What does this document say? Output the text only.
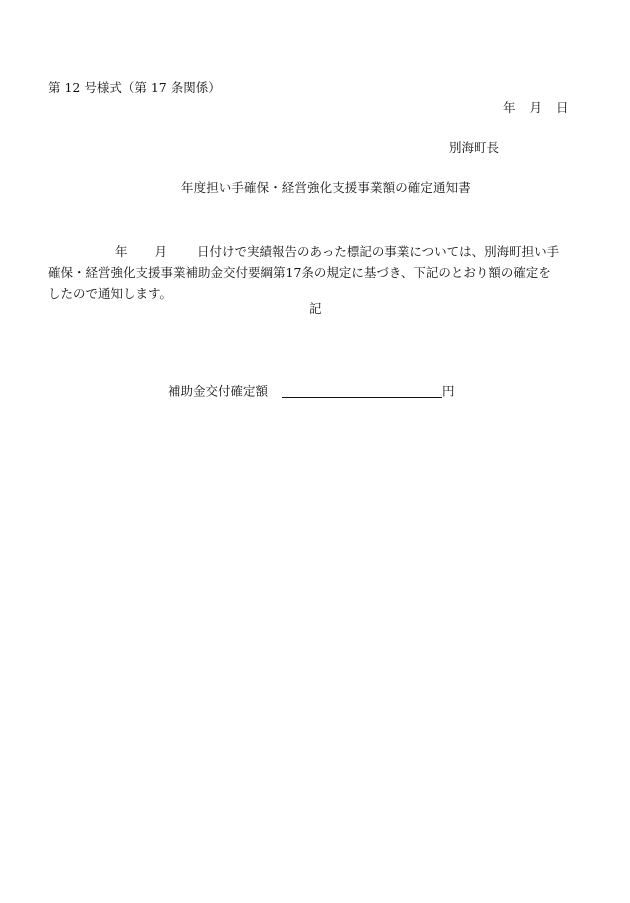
第 12 号様式（第 17 条関係）
年 月 日
別海町長
年度担い手確保・経営強化支援事業額の確定通知書
年 月 日付けで実績報告のあった標記の事業については、別海町担い手
確保・経営強化支援事業補助金交付要綱第17条の規定に基づき、下記のとおり額の確定を
したので通知します。
記
補助金交付確定額	円
